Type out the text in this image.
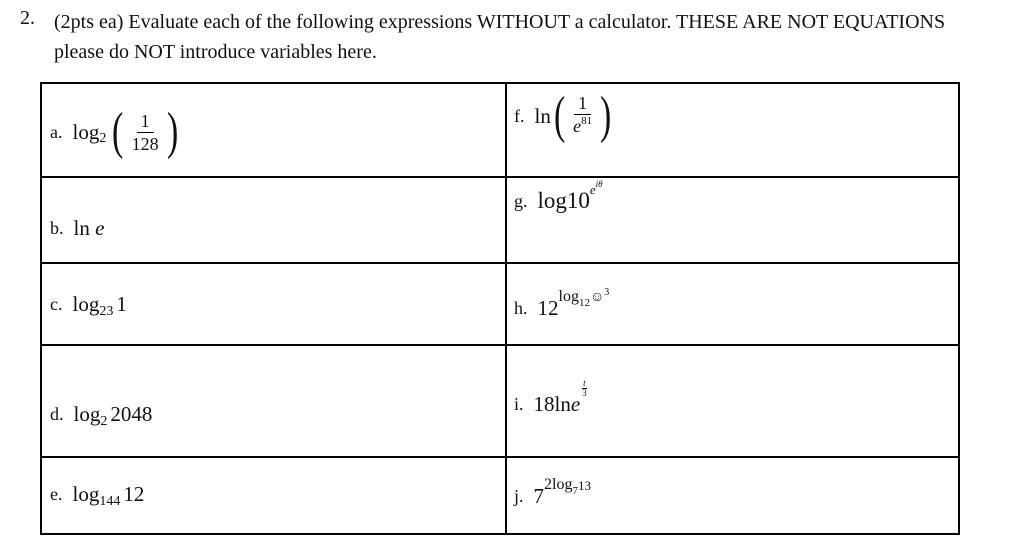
2. (2pts ea) Evaluate each of the following expressions WITHOUT a calculator. THESE ARE NOT EQUATIONS
please do NOT introduce variables here.
a. log 2 ( $\frac{1}{128}$ )
b. ln
e
c. log 23 1
d. log 2 2048
e. log 144 12
f. ln ( $\frac{1}{e^{81}}$ )
g. log10 e iθ
h. 12 log 12 ☺ 3
i. 18 ln e
$\frac{t}{3}$
j. 7 2log 7 13
